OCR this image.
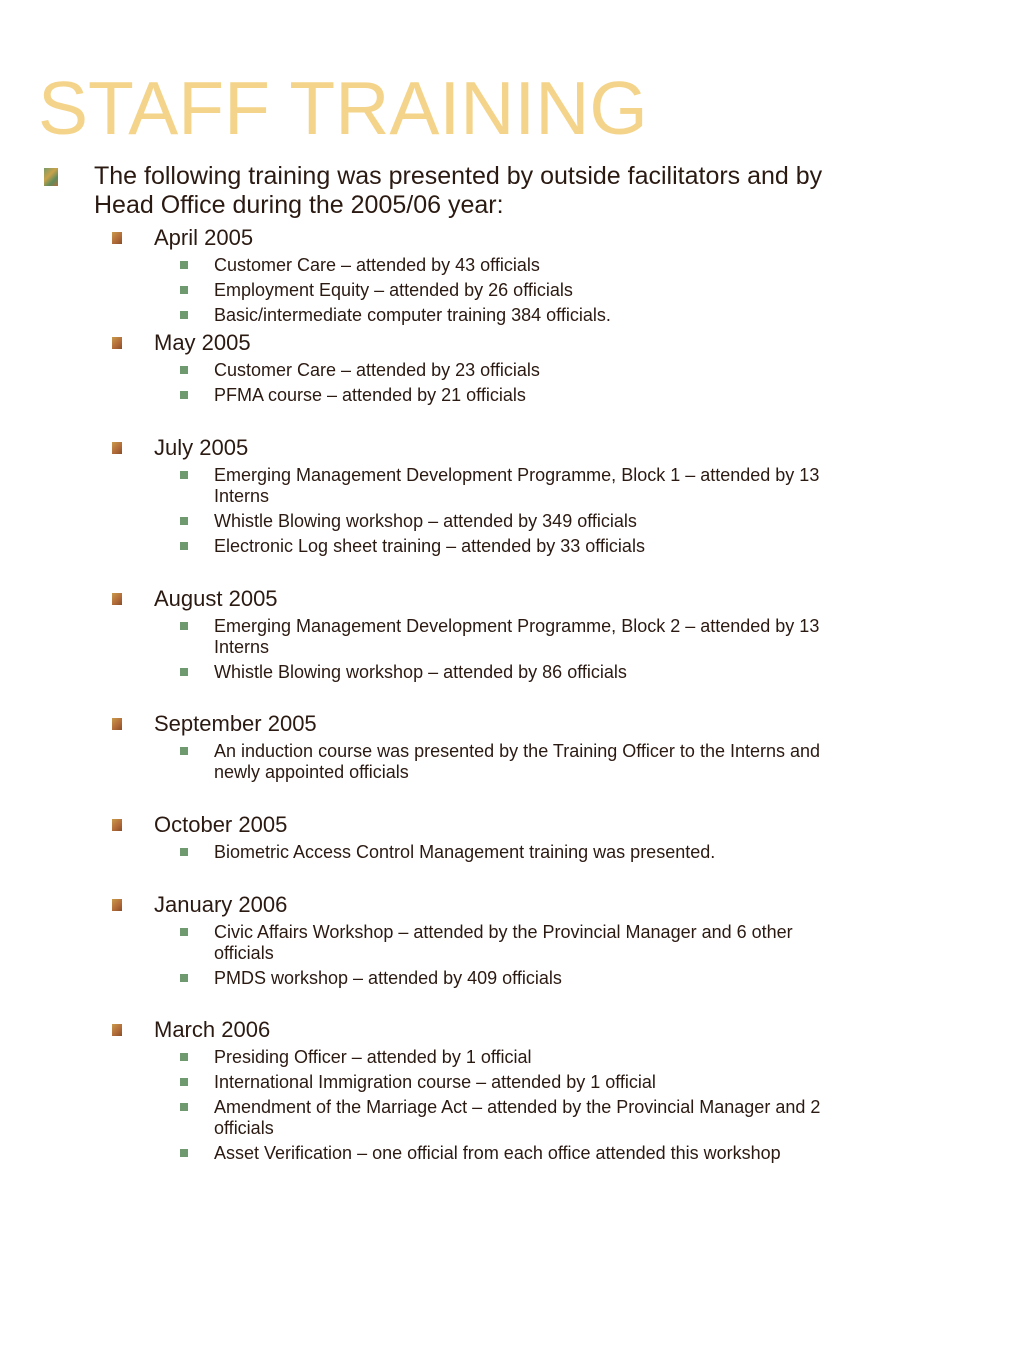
STAFF TRAINING
The following training was presented by outside facilitators and by Head Office during the 2005/06 year:
April 2005
Customer Care – attended by 43 officials
Employment Equity – attended by 26 officials
Basic/intermediate computer training 384 officials.
May 2005
Customer Care – attended by 23 officials
PFMA course – attended by 21 officials
July 2005
Emerging Management Development Programme, Block 1 – attended by 13 Interns
Whistle Blowing workshop – attended by 349 officials
Electronic Log sheet training – attended by 33 officials
August 2005
Emerging Management Development Programme, Block 2 – attended by 13 Interns
Whistle Blowing workshop – attended by 86 officials
September 2005
An induction course was presented by the Training Officer to the Interns and newly appointed officials
October 2005
Biometric Access Control Management training was presented.
January 2006
Civic Affairs Workshop – attended by the Provincial Manager and 6 other officials
PMDS workshop – attended by 409 officials
March 2006
Presiding Officer – attended by 1 official
International Immigration course – attended by 1 official
Amendment of the Marriage Act – attended by the Provincial Manager and 2 officials
Asset Verification – one official from each office attended this workshop
